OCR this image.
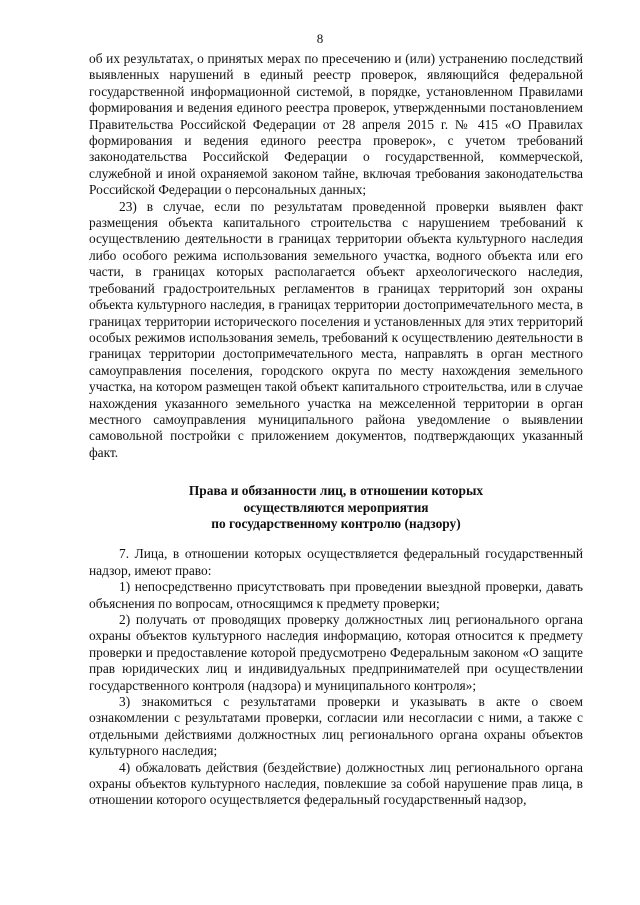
8

об их результатах, о принятых мерах по пресечению и (или) устранению последствий выявленных нарушений в единый реестр проверок, являющийся федеральной государственной информационной системой, в порядке, установленном Правилами формирования и ведения единого реестра проверок, утвержденными постановлением Правительства Российской Федерации от 28 апреля 2015 г. № 415 «О Правилах формирования и ведения единого реестра проверок», с учетом требований законодательства Российской Федерации о государственной, коммерческой, служебной и иной охраняемой законом тайне, включая требования законодательства Российской Федерации о персональных данных;

23) в случае, если по результатам проведенной проверки выявлен факт размещения объекта капитального строительства с нарушением требований к осуществлению деятельности в границах территории объекта культурного наследия либо особого режима использования земельного участка, водного объекта или его части, в границах которых располагается объект археологического наследия, требований градостроительных регламентов в границах территорий зон охраны объекта культурного наследия, в границах территории достопримечательного места, в границах территории исторического поселения и установленных для этих территорий особых режимов использования земель, требований к осуществлению деятельности в границах территории достопримечательного места, направлять в орган местного самоуправления поселения, городского округа по месту нахождения земельного участка, на котором размещен такой объект капитального строительства, или в случае нахождения указанного земельного участка на межселенной территории в орган местного самоуправления муниципального района уведомление о выявлении самовольной постройки с приложением документов, подтверждающих указанный факт.

Права и обязанности лиц, в отношении которых

осуществляются мероприятия

по государственному контролю (надзору)

7. Лица, в отношении которых осуществляется федеральный государственный надзор, имеют право:

1) непосредственно присутствовать при проведении выездной проверки, давать объяснения по вопросам, относящимся к предмету проверки;

2) получать от проводящих проверку должностных лиц регионального органа охраны объектов культурного наследия информацию, которая относится к предмету проверки и предоставление которой предусмотрено Федеральным законом «О защите прав юридических лиц и индивидуальных предпринимателей при осуществлении государственного контроля (надзора) и муниципального контроля»;

3) знакомиться с результатами проверки и указывать в акте о своем ознакомлении с результатами проверки, согласии или несогласии с ними, а также с отдельными действиями должностных лиц регионального органа охраны объектов культурного наследия;

4) обжаловать действия (бездействие) должностных лиц регионального органа охраны объектов культурного наследия, повлекшие за собой нарушение прав лица, в отношении которого осуществляется федеральный государственный надзор,
